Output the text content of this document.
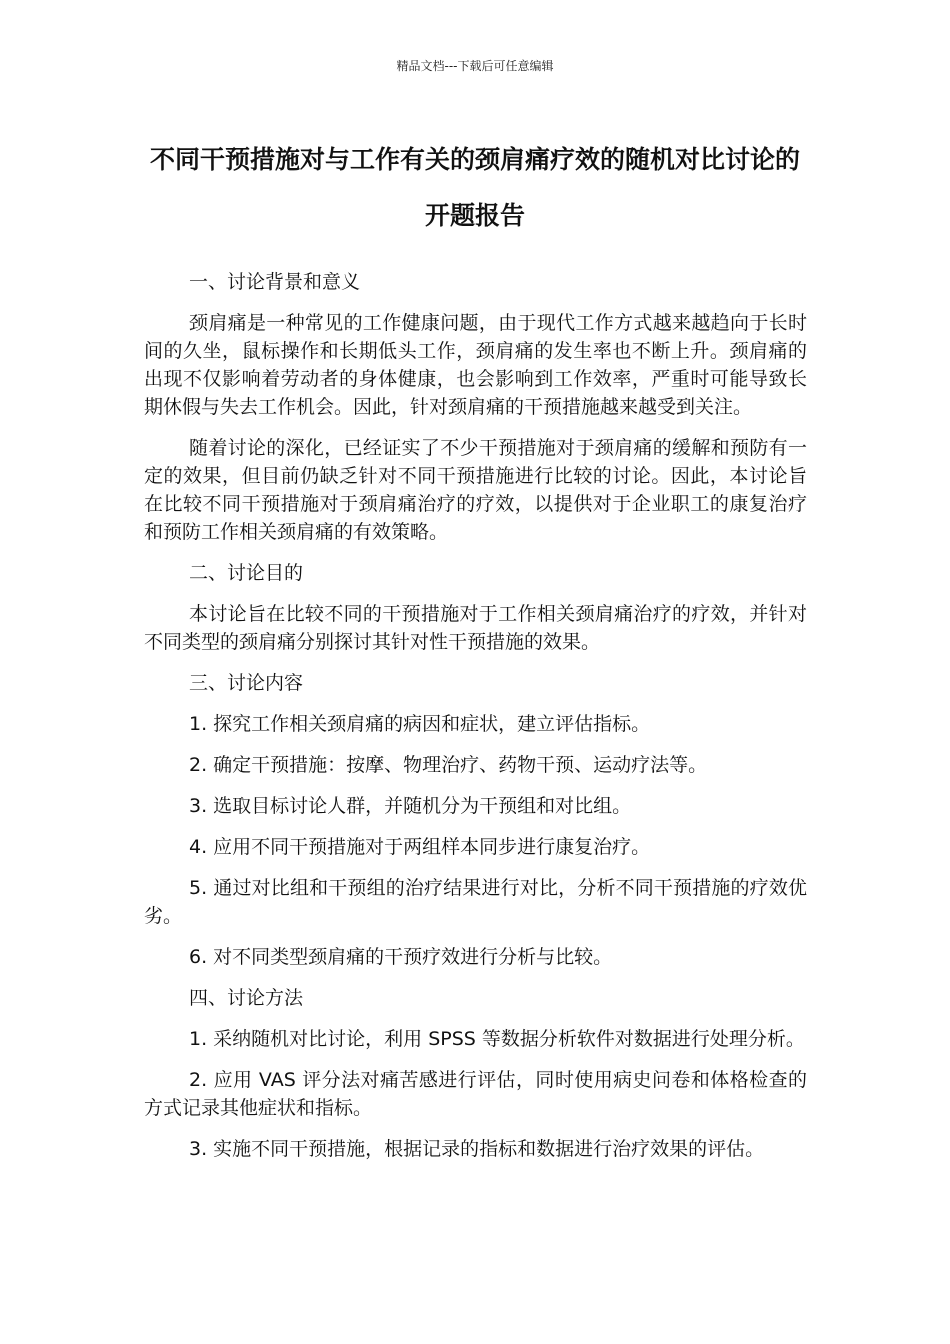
精品文档---下载后可任意编辑
不同干预措施对与工作有关的颈肩痛疗效的随机对比讨论的开题报告

一、讨论背景和意义

颈肩痛是一种常见的工作健康问题，由于现代工作方式越来越趋向于长时间的久坐，鼠标操作和长期低头工作，颈肩痛的发生率也不断上升。颈肩痛的出现不仅影响着劳动者的身体健康，也会影响到工作效率，严重时可能导致长期休假与失去工作机会。因此，针对颈肩痛的干预措施越来越受到关注。

随着讨论的深化，已经证实了不少干预措施对于颈肩痛的缓解和预防有一定的效果，但目前仍缺乏针对不同干预措施进行比较的讨论。因此，本讨论旨在比较不同干预措施对于颈肩痛治疗的疗效，以提供对于企业职工的康复治疗和预防工作相关颈肩痛的有效策略。

二、讨论目的

本讨论旨在比较不同的干预措施对于工作相关颈肩痛治疗的疗效，并针对不同类型的颈肩痛分别探讨其针对性干预措施的效果。

三、讨论内容

1. 探究工作相关颈肩痛的病因和症状，建立评估指标。

2. 确定干预措施：按摩、物理治疗、药物干预、运动疗法等。

3. 选取目标讨论人群，并随机分为干预组和对比组。

4. 应用不同干预措施对于两组样本同步进行康复治疗。

5. 通过对比组和干预组的治疗结果进行对比，分析不同干预措施的疗效优劣。

6. 对不同类型颈肩痛的干预疗效进行分析与比较。

四、讨论方法

1. 采纳随机对比讨论，利用 SPSS 等数据分析软件对数据进行处理分析。

2. 应用 VAS 评分法对痛苦感进行评估，同时使用病史问卷和体格检查的方式记录其他症状和指标。

3. 实施不同干预措施，根据记录的指标和数据进行治疗效果的评估。
